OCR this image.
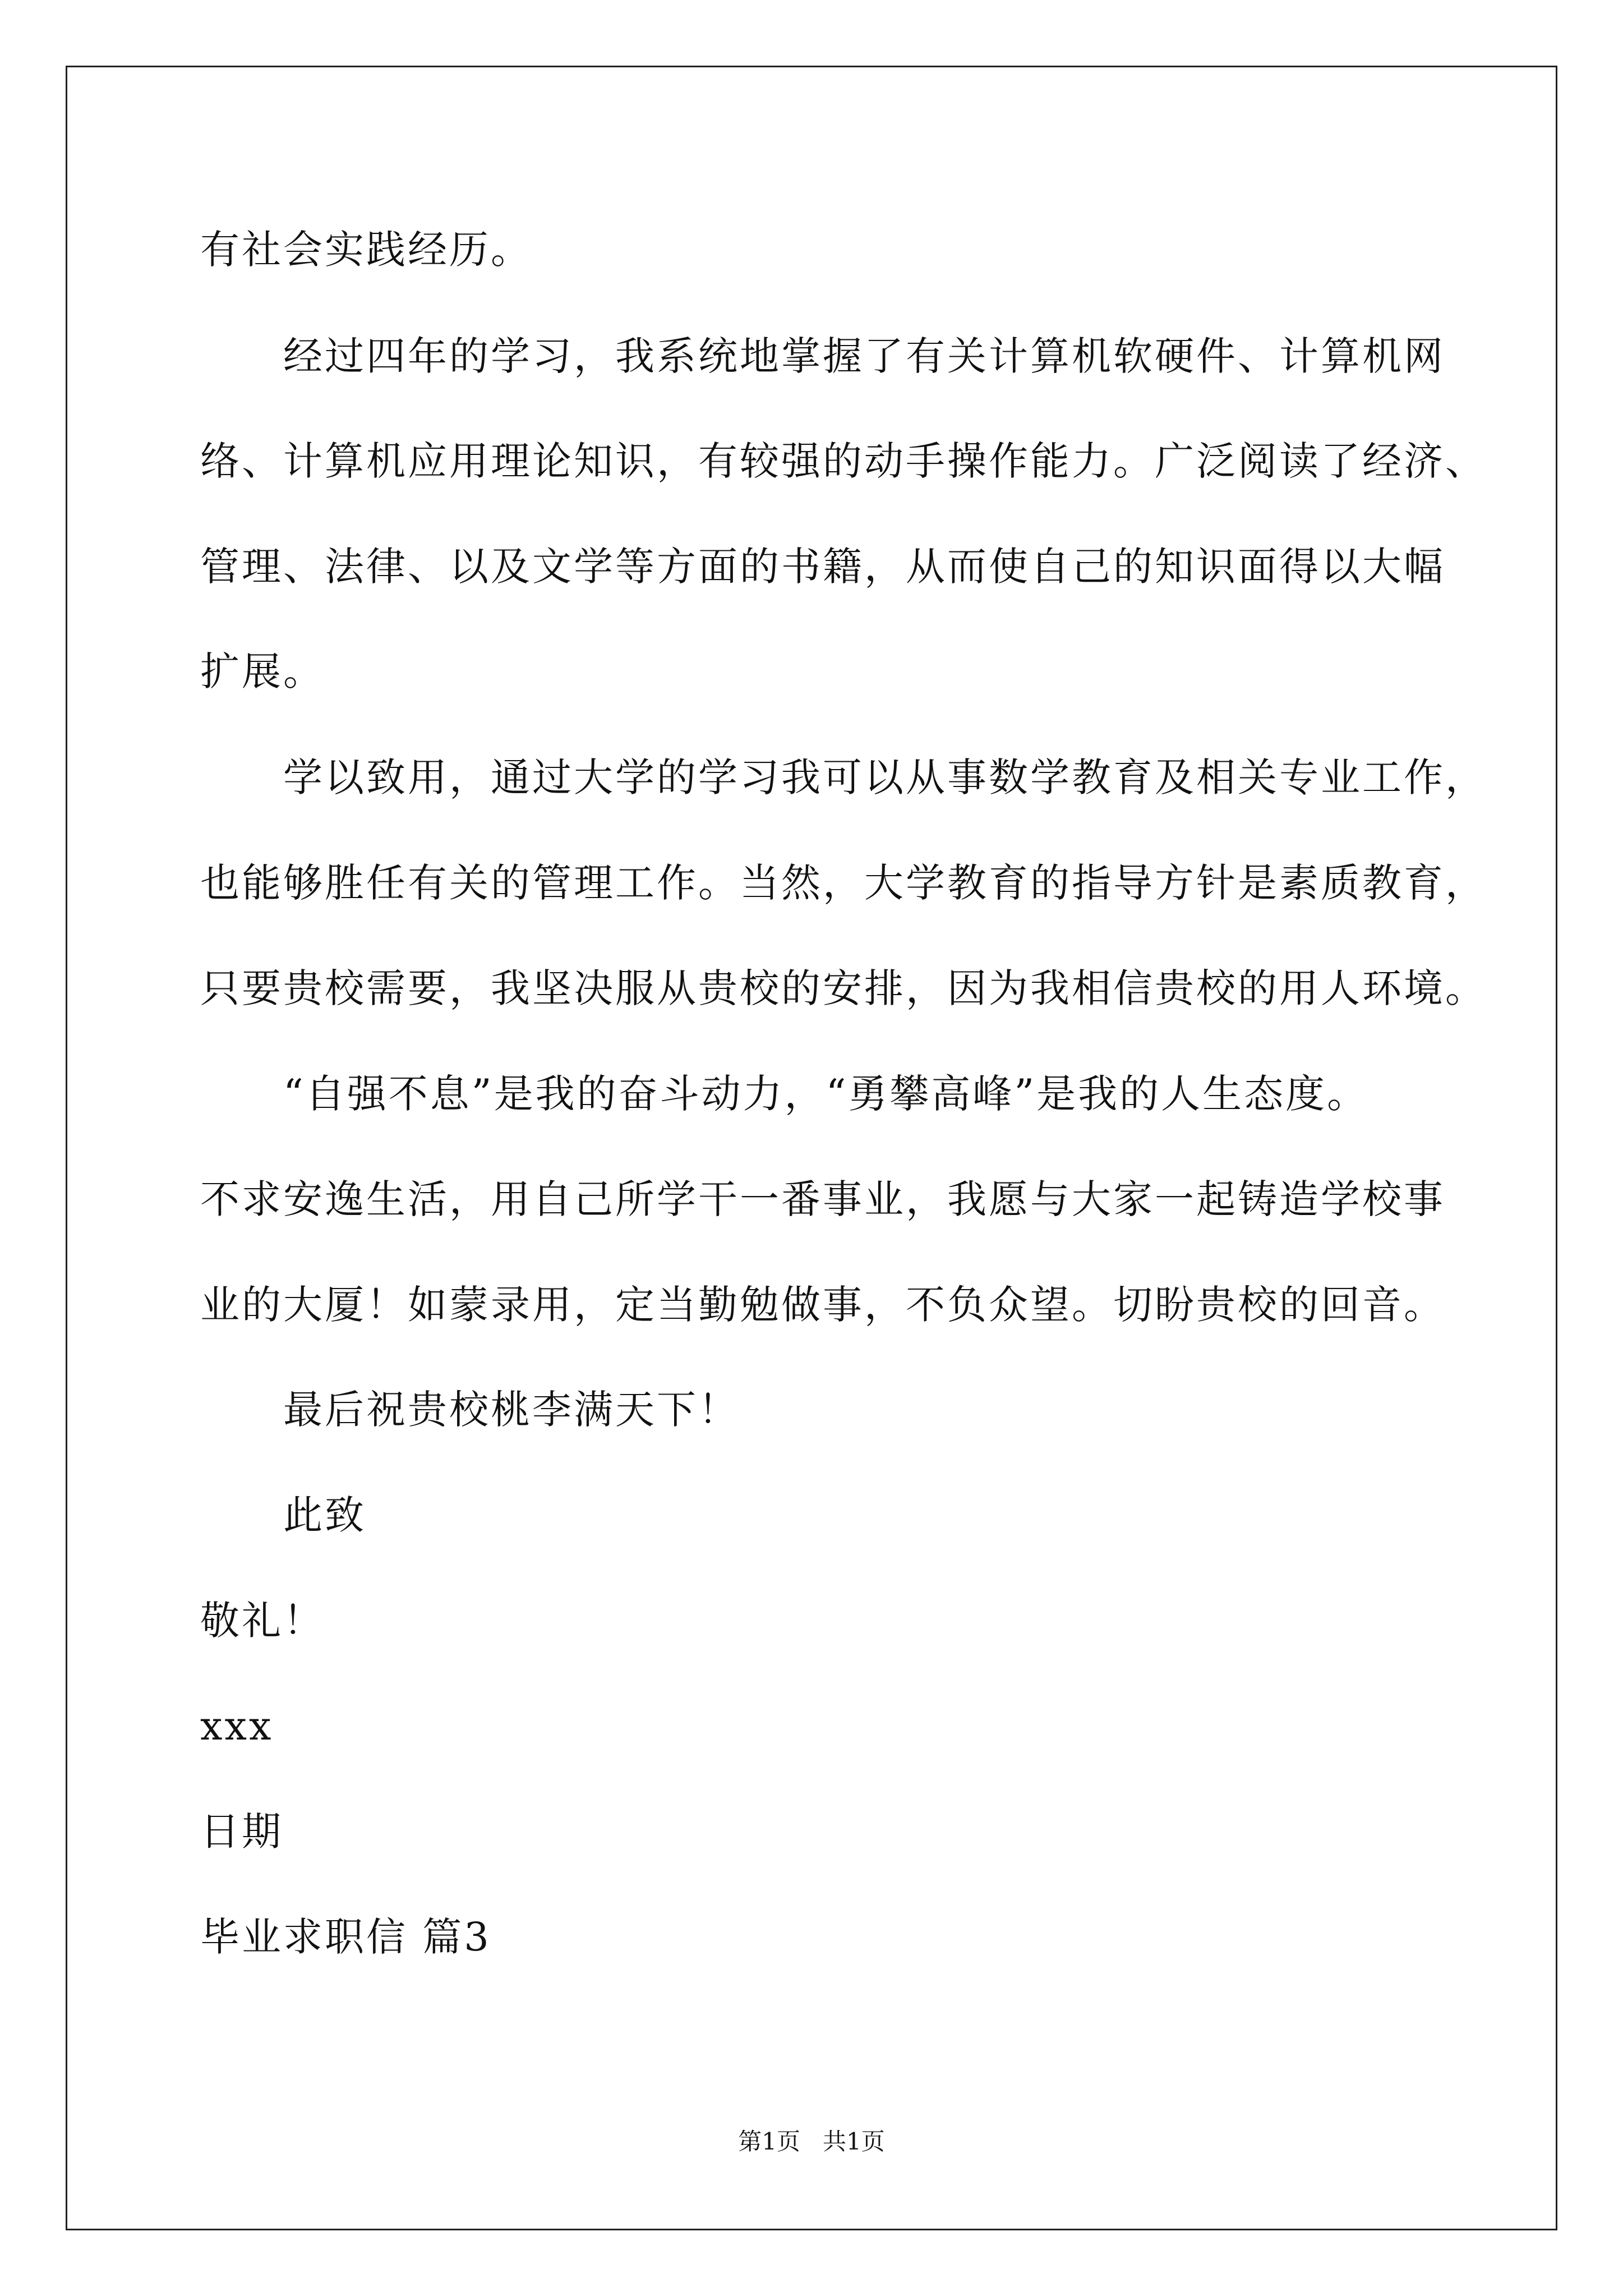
有社会实践经历。
经过四年的学习，我系统地掌握了有关计算机软硬件、计算机网
络、计算机应用理论知识，有较强的动手操作能力。广泛阅读了经济、
管理、法律、以及文学等方面的书籍，从而使自己的知识面得以大幅
扩展。
学以致用，通过大学的学习我可以从事数学教育及相关专业工作，
也能够胜任有关的管理工作。当然，大学教育的指导方针是素质教育，
只要贵校需要，我坚决服从贵校的安排，因为我相信贵校的用人环境。
“自强不息”是我的奋斗动力，“勇攀高峰”是我的人生态度。
不求安逸生活，用自己所学干一番事业，我愿与大家一起铸造学校事
业的大厦！如蒙录用，定当勤勉做事，不负众望。切盼贵校的回音。
最后祝贵校桃李满天下！
此致
敬礼！
xxx
日期
毕业求职信 篇3
第1页   共1页
